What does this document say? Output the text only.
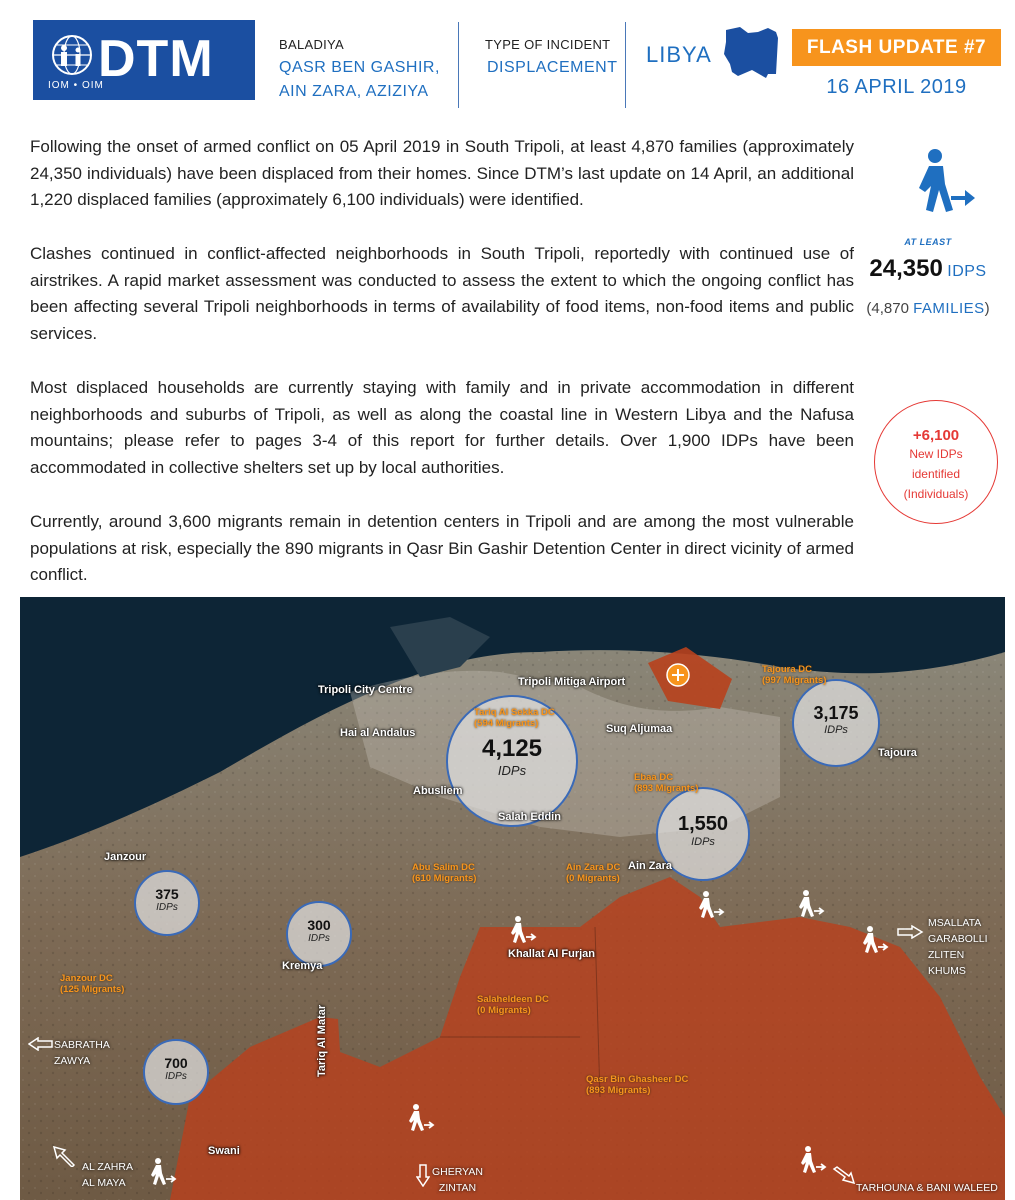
DTM
IOM • OIM
BALADIYA
QASR BEN GASHIR,
AIN ZARA, AZIZIYA
TYPE OF INCIDENT
DISPLACEMENT
LIBYA	FLASH UPDATE #7
16 APRIL 2019
Following the onset of armed conflict on 05 April 2019 in South Tripoli, at least 4,870 families (approximately 24,350 individuals) have been displaced from their homes. Since DTM’s last update on 14 April, an additional 1,220 displaced families (approximately 6,100 individuals) were identified.
Clashes continued in conflict-affected neighborhoods in South Tripoli, reportedly with continued use of airstrikes. A rapid market assessment was conducted to assess the extent to which the ongoing conflict has been affecting several Tripoli neighborhoods in terms of availability of food items, non-food items and public services.
Most displaced households are currently staying with family and in private accommodation in different neighborhoods and suburbs of Tripoli, as well as along the coastal line in Western Libya and the Nafusa mountains; please refer to pages 3-4 of this report for further details. Over 1,900 IDPs have been accommodated in collective shelters set up by local authorities.
Currently, around 3,600 migrants remain in detention centers in Tripoli and are among the most vulnerable populations at risk, especially the 890 migrants in Qasr Bin Gashir Detention Center in direct vicinity of armed conflict.
AT LEAST
24,350 IDPS
(4,870 FAMILIES)
+6,100
New IDPs
identified
(Individuals)
4,125
IDPs
3,175
IDPs
1,550
IDPs
375
IDPs
300
IDPs
700
IDPs
Tripoli City Centre
Tripoli Mitiga Airport
Hai al Andalus	Suq Aljumaa
Tajoura
Abusliem
Salah Eddin
Janzour
Ain Zara
Khallat Al Furjan
Kremya
Tariq Al Matar
Swani
Tajoura DC
(997 Migrants)
Tariq Al Sekka DC
(594 Migrants)
Ebaa DC
(893 Migrants)
Abu Salim DC
(610 Migrants)
Ain Zara DC
(0 Migrants)
Janzour DC
(125 Migrants)
Salaheldeen DC
(0 Migrants)
Qasr Bin Ghasheer DC
(893 Migrants)
MSALLATA
GARABOLLI
ZLITEN
KHUMS
SABRATHA
ZAWYA
AL ZAHRA
AL MAYA
GHERYAN
ZINTAN	TARHOUNA & BANI WALEED
